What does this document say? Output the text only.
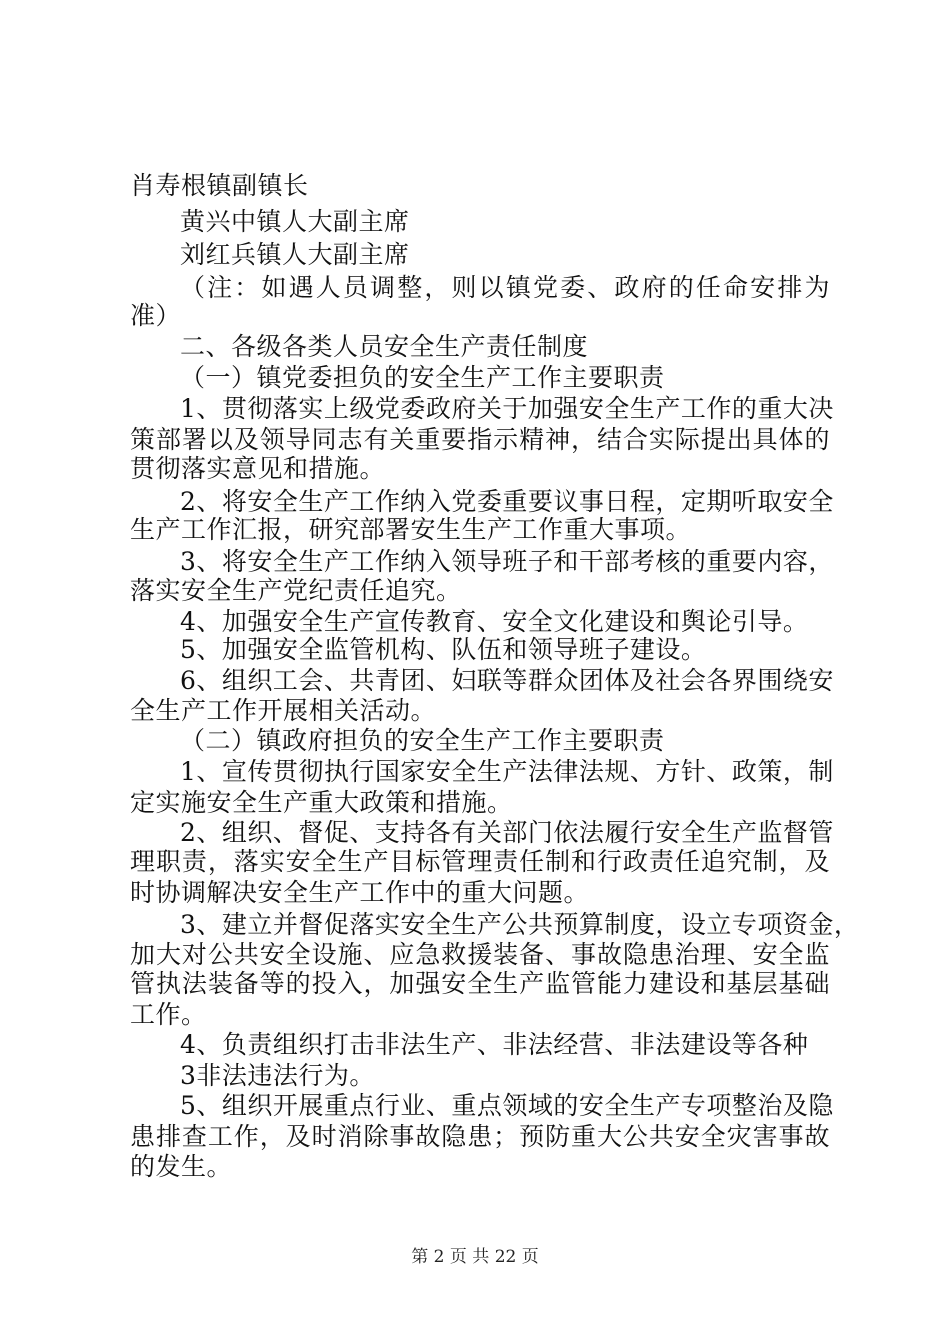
肖寿根镇副镇长
黄兴中镇人大副主席
刘红兵镇人大副主席
（注：如遇人员调整，则以镇党委、政府的任命安排为
准）
二、各级各类人员安全生产责任制度
（一）镇党委担负的安全生产工作主要职责
1、贯彻落实上级党委政府关于加强安全生产工作的重大决
策部署以及领导同志有关重要指示精神，结合实际提出具体的
贯彻落实意见和措施。
2、将安全生产工作纳入党委重要议事日程，定期听取安全
生产工作汇报，研究部署安生生产工作重大事项。
3、将安全生产工作纳入领导班子和干部考核的重要内容，
落实安全生产党纪责任追究。
4、加强安全生产宣传教育、安全文化建设和舆论引导。
5、加强安全监管机构、队伍和领导班子建设。
6、组织工会、共青团、妇联等群众团体及社会各界围绕安
全生产工作开展相关活动。
（二）镇政府担负的安全生产工作主要职责
1、宣传贯彻执行国家安全生产法律法规、方针、政策，制
定实施安全生产重大政策和措施。
2、组织、督促、支持各有关部门依法履行安全生产监督管
理职责，落实安全生产目标管理责任制和行政责任追究制，及
时协调解决安全生产工作中的重大问题。
3、建立并督促落实安全生产公共预算制度，设立专项资金，
加大对公共安全设施、应急救援装备、事故隐患治理、安全监
管执法装备等的投入，加强安全生产监管能力建设和基层基础
工作。
4、负责组织打击非法生产、非法经营、非法建设等各种
3非法违法行为。
5、组织开展重点行业、重点领域的安全生产专项整治及隐
患排查工作，及时消除事故隐患；预防重大公共安全灾害事故
的发生。
第 2 页 共 22 页
